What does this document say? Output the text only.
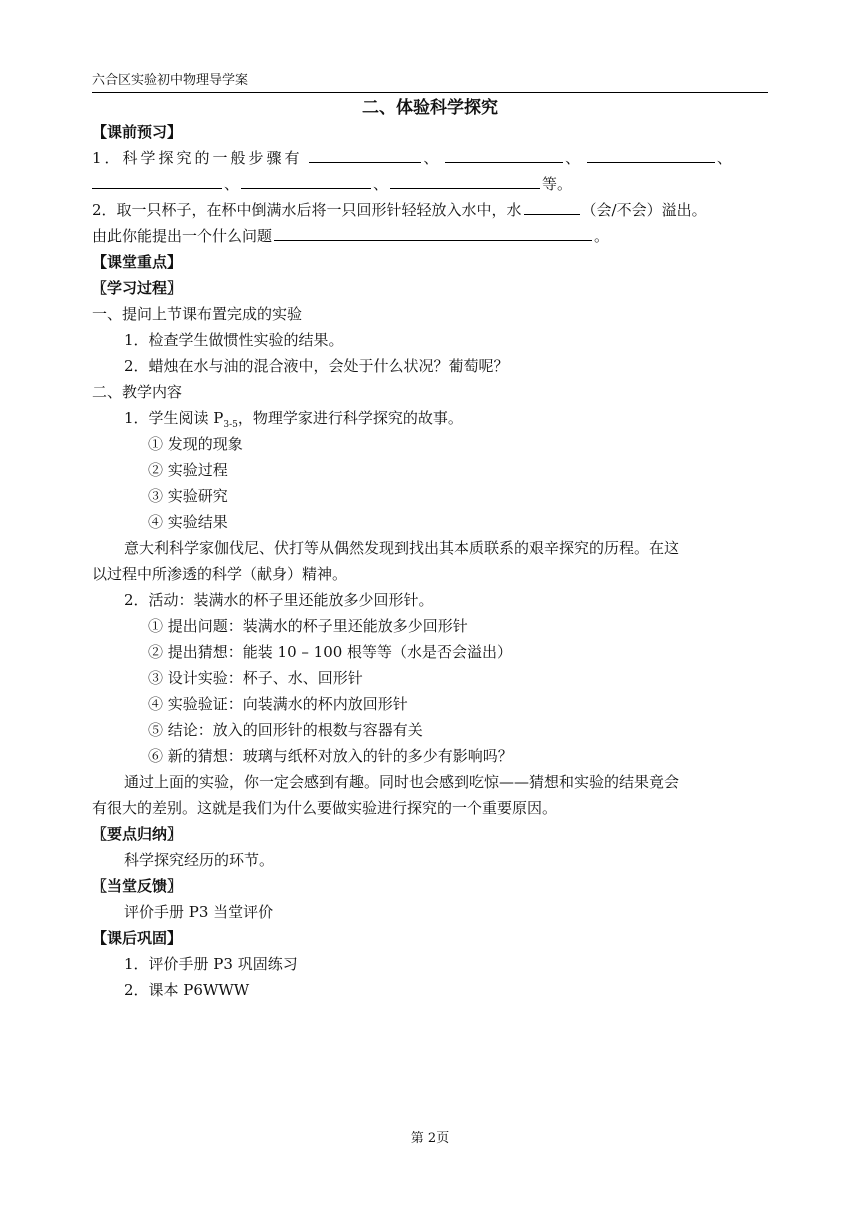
六合区实验初中物理导学案
二、体验科学探究
【课前预习】
1．科学探究的一般步骤有	、	、	、
、	、	等。
2．取一只杯子，在杯中倒满水后将一只回形针轻轻放入水中，水	（会/不会）溢出。
由此你能提出一个什么问题	。
【课堂重点】
〖学习过程〗
一、提问上节课布置完成的实验
1．检查学生做惯性实验的结果。
2．蜡烛在水与油的混合液中，会处于什么状况？葡萄呢？
二、教学内容
1．学生阅读 $P_{3-5}$，物理学家进行科学探究的故事。
① 发现的现象
② 实验过程
③ 实验研究
④ 实验结果
意大利科学家伽伐尼、伏打等从偶然发现到找出其本质联系的艰辛探究的历程。在这
以过程中所渗透的科学（献身）精神。
2．活动：装满水的杯子里还能放多少回形针。
① 提出问题：装满水的杯子里还能放多少回形针
② 提出猜想：能装 10 – 100 根等等（水是否会溢出）
③ 设计实验：杯子、水、回形针
④ 实验验证：向装满水的杯内放回形针
⑤ 结论：放入的回形针的根数与容器有关
⑥ 新的猜想：玻璃与纸杯对放入的针的多少有影响吗？
通过上面的实验，你一定会感到有趣。同时也会感到吃惊——猜想和实验的结果竟会
有很大的差别。这就是我们为什么要做实验进行探究的一个重要原因。
〖要点归纳〗
科学探究经历的环节。
〖当堂反馈〗
评价手册 P3 当堂评价
【课后巩固】
1．评价手册 P3 巩固练习
2．课本 P6WWW
第 2页
